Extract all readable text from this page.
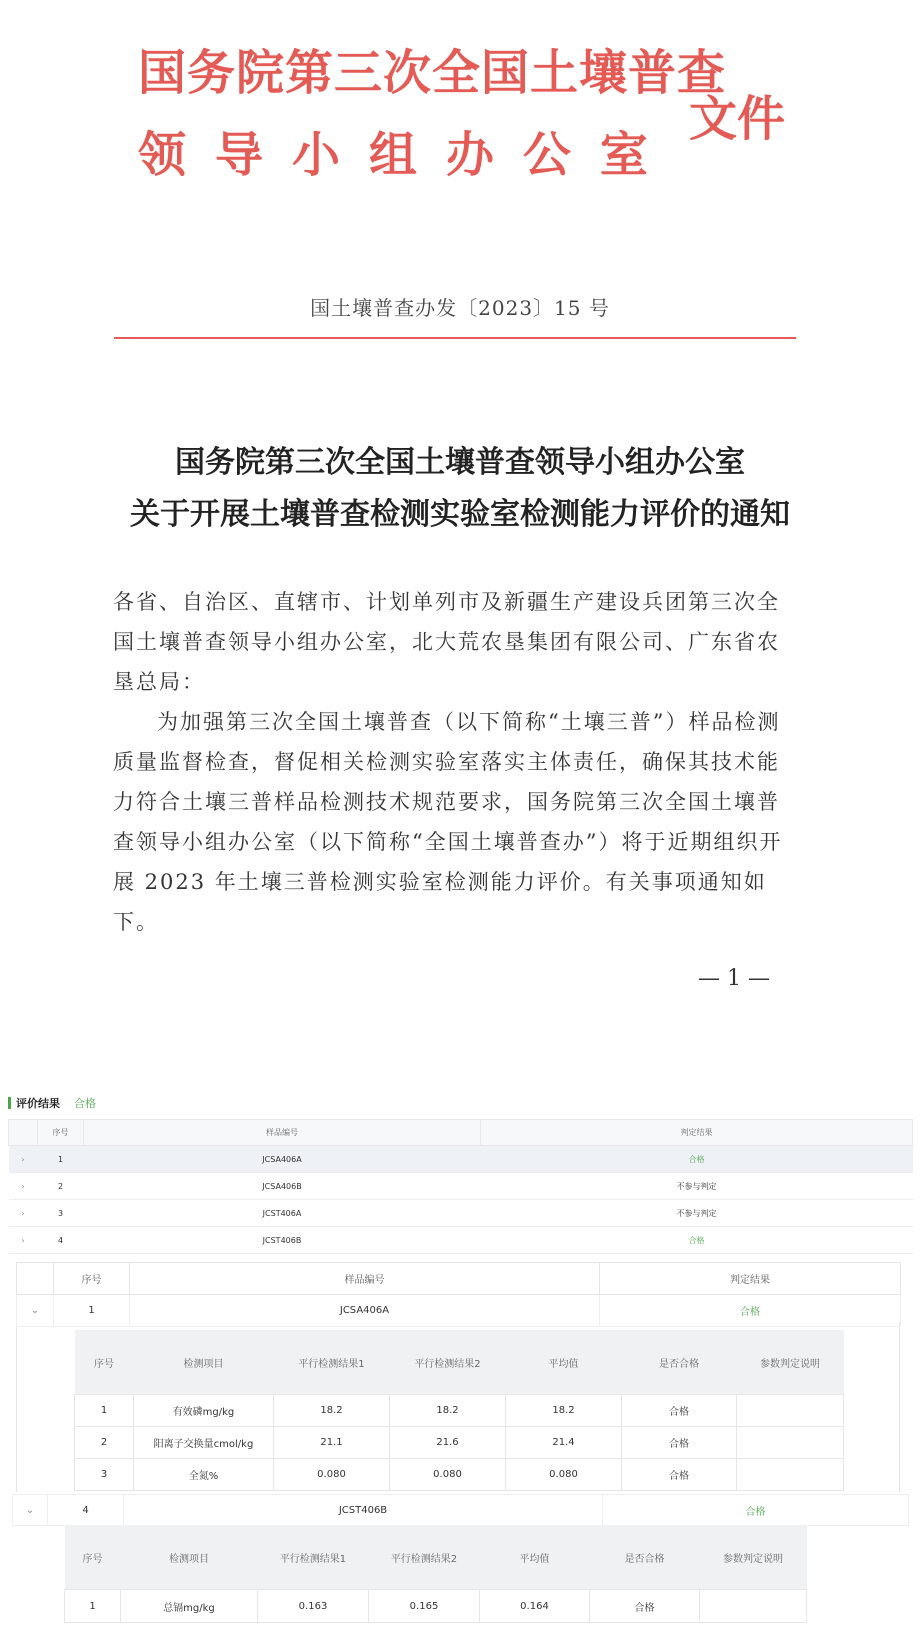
国务院第三次全国土壤普查
领 导 小 组 办 公 室
文件
国土壤普查办发〔2023〕15 号
国务院第三次全国土壤普查领导小组办公室
关于开展土壤普查检测实验室检测能力评价的通知
各省、自治区、直辖市、计划单列市及新疆生产建设兵团第三次全国土壤普查领导小组办公室，北大荒农垦集团有限公司、广东省农垦总局：
为加强第三次全国土壤普查（以下简称“土壤三普”）样品检测质量监督检查，督促相关检测实验室落实主体责任，确保其技术能力符合土壤三普样品检测技术规范要求，国务院第三次全国土壤普查领导小组办公室（以下简称“全国土壤普查办”）将于近期组织开展 2023 年土壤三普检测实验室检测能力评价。有关事项通知如下。
— 1 —
评价结果 合格
	序号	样品编号	判定结果
›	1	JCSA406A	合格
›	2	JCSA406B	不参与判定
›	3	JCST406A	不参与判定
›	4	JCST406B	合格
	序号	样品编号	判定结果
⌄	1	JCSA406A	合格
序号	检测项目	平行检测结果1	平行检测结果2	平均值	是否合格	参数判定说明
1	有效磷mg/kg	18.2	18.2	18.2	合格	
2	阳离子交换量cmol/kg	21.1	21.6	21.4	合格	
3	全氮%	0.080	0.080	0.080	合格	
⌄	4	JCST406B	合格
序号	检测项目	平行检测结果1	平行检测结果2	平均值	是否合格	参数判定说明
1	总镉mg/kg	0.163	0.165	0.164	合格	
